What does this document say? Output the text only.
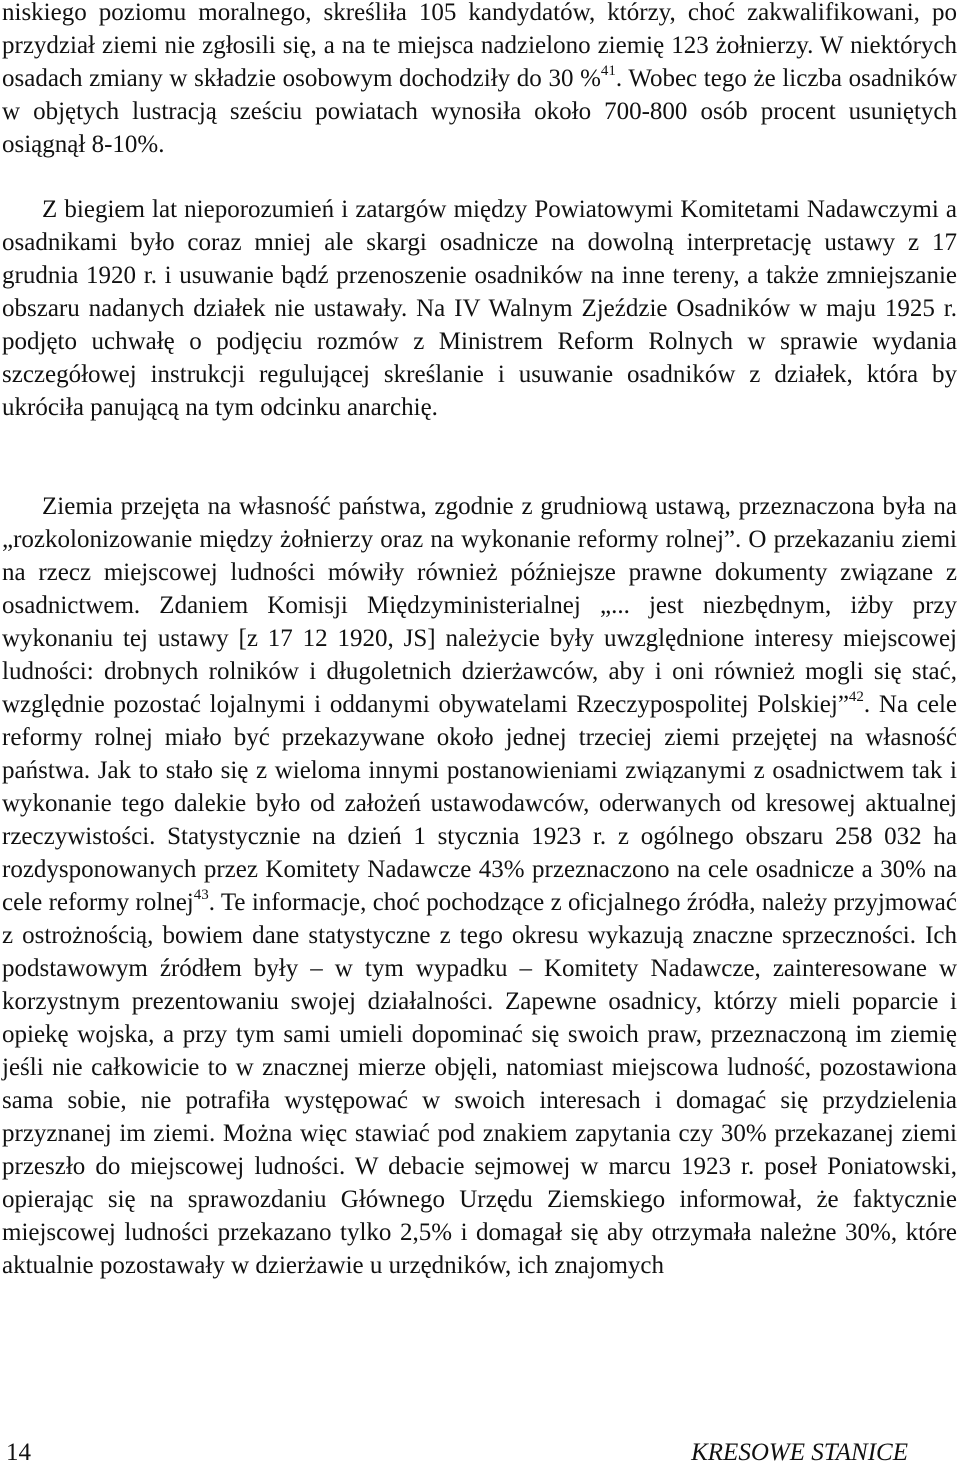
niskiego poziomu moralnego, skreśliła 105 kandydatów, którzy, choć zakwalifikowani, po przydział ziemi nie zgłosili się, a na te miejsca nadzielono ziemię 123 żołnierzy. W niektórych osadach zmiany w składzie osobowym dochodziły do 30 %$^{41}$. Wobec tego że liczba osadników w objętych lustracją sześciu powiatach wynosiła około 700-800 osób procent usuniętych osiągnął 8-10%.

Z biegiem lat nieporozumień i zatargów między Powiatowymi Komitetami Nadawczymi a osadnikami było coraz mniej ale skargi osadnicze na dowolną interpretację ustawy z 17 grudnia 1920 r. i usuwanie bądź przenoszenie osadników na inne tereny, a także zmniejszanie obszaru nadanych działek nie ustawały. Na IV Walnym Zjeździe Osadników w maju 1925 r. podjęto uchwałę o podjęciu rozmów z Ministrem Reform Rolnych w sprawie wydania szczegółowej instrukcji regulującej skreślanie i usuwanie osadników z działek, która by ukróciła panującą na tym odcinku anarchię.

Ziemia przejęta na własność państwa, zgodnie z grudniową ustawą, przeznaczona była na „rozkolonizowanie między żołnierzy oraz na wykonanie reformy rolnej”. O przekazaniu ziemi na rzecz miejscowej ludności mówiły również późniejsze prawne dokumenty związane z osadnictwem. Zdaniem Komisji Międzyministerialnej „... jest niezbędnym, iżby przy wykonaniu tej ustawy [z 17 12 1920, JS] należycie były uwzględnione interesy miejscowej ludności: drobnych rolników i długoletnich dzierżawców, aby i oni również mogli się stać, względnie pozostać lojalnymi i oddanymi obywatelami Rzeczypospolitej Polskiej”$^{42}$. Na cele reformy rolnej miało być przekazywane około jednej trzeciej ziemi przejętej na własność państwa. Jak to stało się z wieloma innymi postanowieniami związanymi z osadnictwem tak i wykonanie tego dalekie było od założeń ustawodawców, oderwanych od kresowej aktualnej rzeczywistości. Statystycznie na dzień 1 stycznia 1923 r. z ogólnego obszaru 258 032 ha rozdysponowanych przez Komitety Nadawcze 43% przeznaczono na cele osadnicze a 30% na cele reformy rolnej$^{43}$. Te informacje, choć pochodzące z oficjalnego źródła, należy przyjmować z ostrożnością, bowiem dane statystyczne z tego okresu wykazują znaczne sprzeczności. Ich podstawowym źródłem były – w tym wypadku – Komitety Nadawcze, zainteresowane w korzystnym prezentowaniu swojej działalności. Zapewne osadnicy, którzy mieli poparcie i opiekę wojska, a przy tym sami umieli dopominać się swoich praw, przeznaczoną im ziemię jeśli nie całkowicie to w znacznej mierze objęli, natomiast miejscowa ludność, pozostawiona sama sobie, nie potrafiła występować w swoich interesach i domagać się przydzielenia przyznanej im ziemi. Można więc stawiać pod znakiem zapytania czy 30% przekazanej ziemi przeszło do miejscowej ludności. W debacie sejmowej w marcu 1923 r. poseł Poniatowski, opierając się na sprawozdaniu Głównego Urzędu Ziemskiego informował, że faktycznie miejscowej ludności przekazano tylko 2,5% i domagał się aby otrzymała należne 30%, które aktualnie pozostawały w dzierżawie u urzędników, ich znajomych

14	KRESOWE STANICE
